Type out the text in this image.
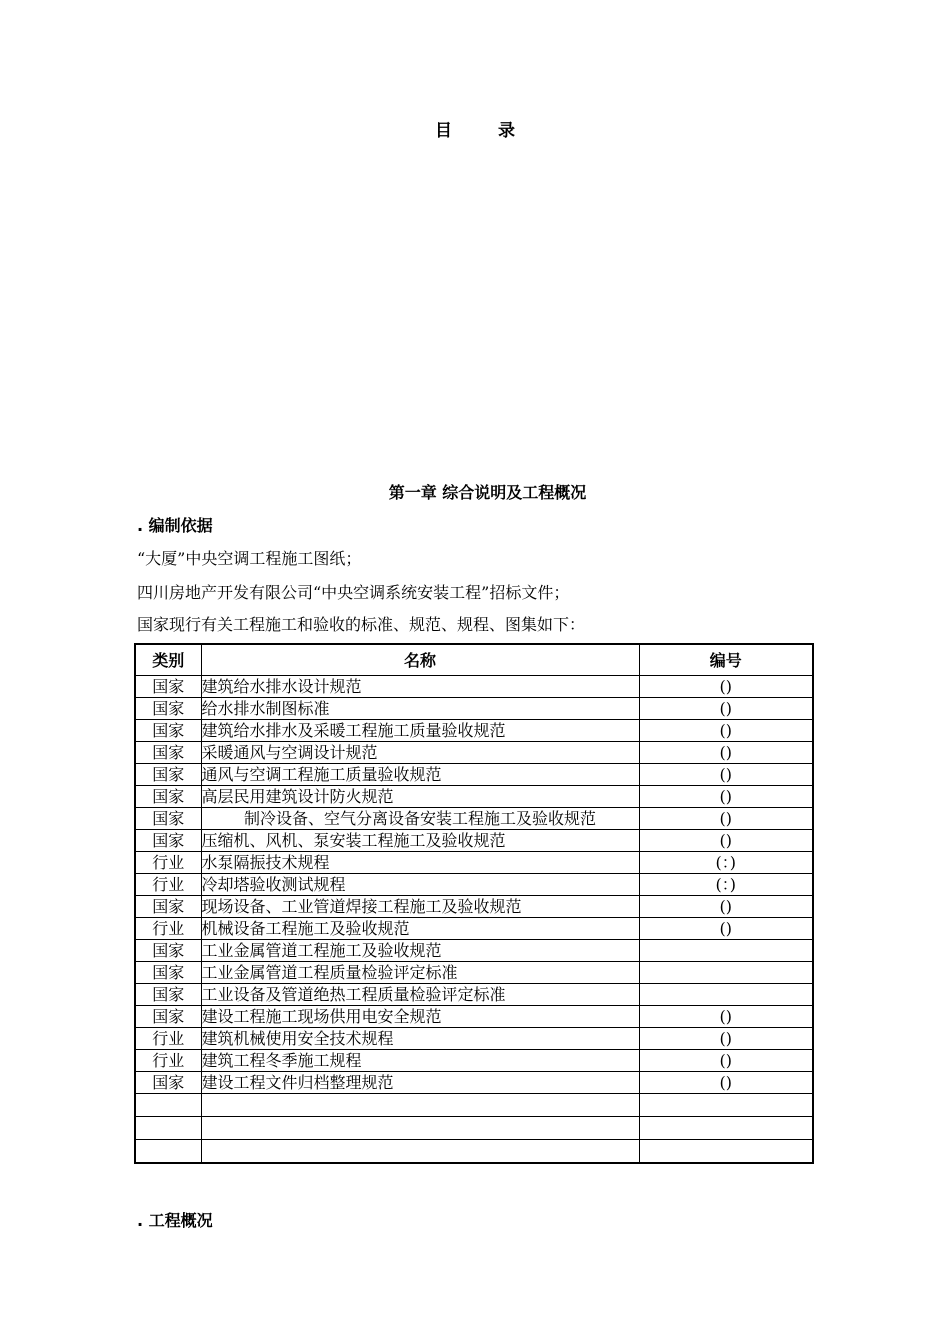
目 录
第一章 综合说明及工程概况
. 编制依据
“大厦”中央空调工程施工图纸；
四川房地产开发有限公司“中央空调系统安装工程”招标文件；
国家现行有关工程施工和验收的标准、规范、规程、图集如下：
类别	名称	编号
国家	建筑给水排水设计规范	()
国家	给水排水制图标准	()
国家	建筑给水排水及采暖工程施工质量验收规范	()
国家	采暖通风与空调设计规范	()
国家	通风与空调工程施工质量验收规范	()
国家	高层民用建筑设计防火规范	()
国家	制冷设备、空气分离设备安装工程施工及验收规范	()
国家	压缩机、风机、泵安装工程施工及验收规范	()
行业	水泵隔振技术规程	(：)
行业	冷却塔验收测试规程	(：)
国家	现场设备、工业管道焊接工程施工及验收规范	()
行业	机械设备工程施工及验收规范	()
国家	工业金属管道工程施工及验收规范	
国家	工业金属管道工程质量检验评定标准	
国家	工业设备及管道绝热工程质量检验评定标准	
国家	建设工程施工现场供用电安全规范	()
行业	建筑机械使用安全技术规程	()
行业	建筑工程冬季施工规程	()
国家	建设工程文件归档整理规范	()

. 工程概况
